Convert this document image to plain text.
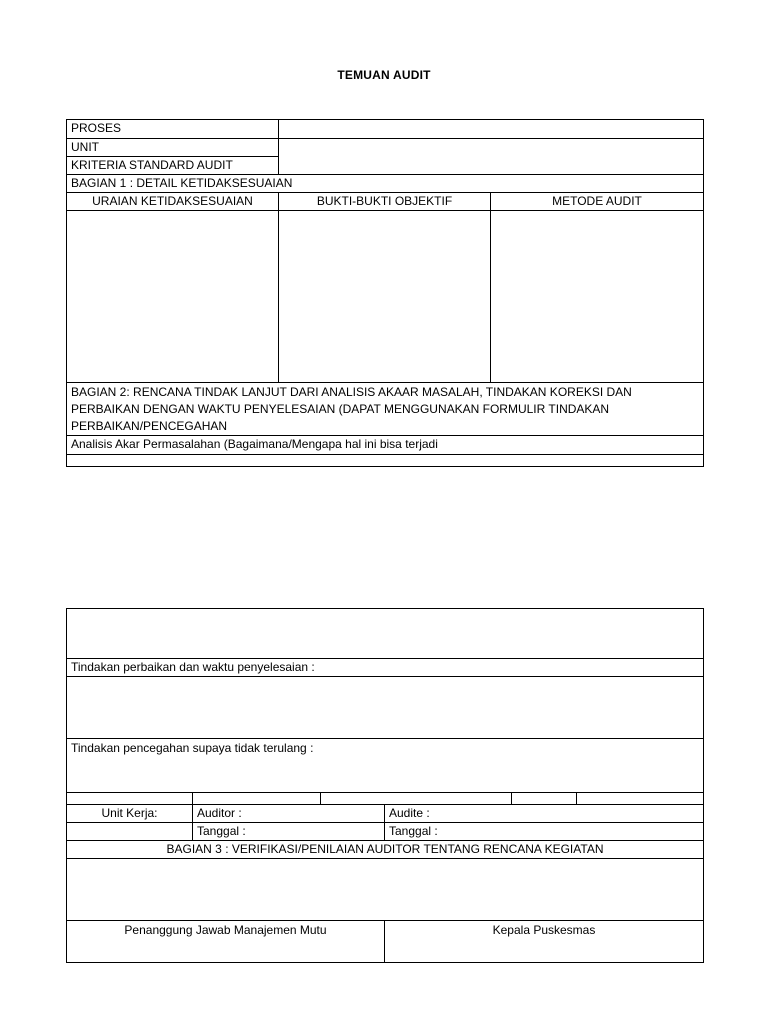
TEMUAN AUDIT
PROSES		
UNIT		
KRITERIA STANDARD AUDIT		
BAGIAN 1 : DETAIL KETIDAKSESUAIAN		
URAIAN KETIDAKSESUAIAN	BUKTI-BUKTI OBJEKTIF	METODE AUDIT

BAGIAN 2: RENCANA TINDAK LANJUT DARI ANALISIS AKAAR MASALAH, TINDAKAN KOREKSI DAN
PERBAIKAN DENGAN WAKTU PENYELESAIAN (DAPAT MENGGUNAKAN FORMULIR TINDAKAN
PERBAIKAN/PENCEGAHAN		

Analisis Akar Permasalahan (Bagaimana/Mengapa hal ini bisa terjadi		

Tindakan perbaikan dan waktu penyelesaian :					

Tindakan pencegahan supaya tidak terulang :					

Unit Kerja:	Auditor :		Audite :		
	Tanggal :		Tanggal :		
BAGIAN 3 : VERIFIKASI/PENILAIAN AUDITOR TENTANG RENCANA KEGIATAN					

Penanggung Jawab Manajemen Mutu			Kepala Puskesmas		
